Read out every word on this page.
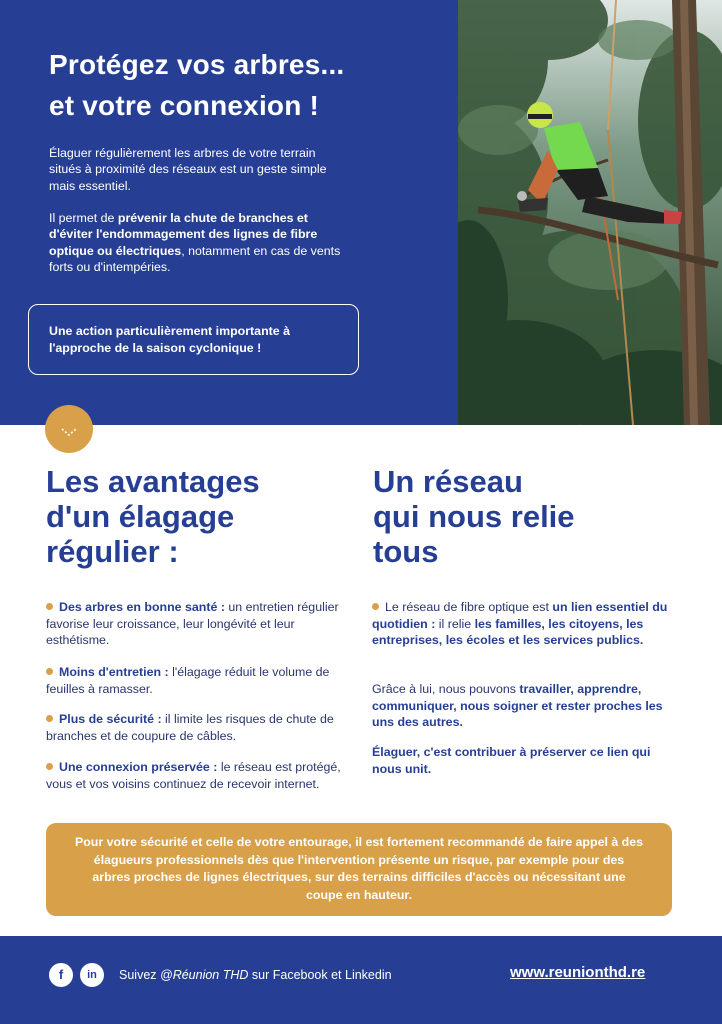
Protégez vos arbres...
et votre connexion !

Élaguer régulièrement les arbres de votre terrain situés à proximité des réseaux est un geste simple mais essentiel.

Il permet de prévenir la chute de branches et d'éviter l'endommagement des lignes de fibre optique ou électriques, notamment en cas de vents forts ou d'intempéries.

Une action particulièrement importante à l'approche de la saison cyclonique !

Les avantages
d'un élagage
régulier :

Des arbres en bonne santé : un entretien régulier favorise leur croissance, leur longévité et leur esthétisme.

Moins d'entretien : l'élagage réduit le volume de feuilles à ramasser.

Plus de sécurité : il limite les risques de chute de branches et de coupure de câbles.

Une connexion préservée : le réseau est protégé, vous et vos voisins continuez de recevoir internet.

Un réseau
qui nous relie
tous

Le réseau de fibre optique est un lien essentiel du quotidien : il relie les familles, les citoyens, les entreprises, les écoles et les services publics.

Grâce à lui, nous pouvons travailler, apprendre, communiquer, nous soigner et rester proches les uns des autres.

Élaguer, c'est contribuer à préserver ce lien qui nous unit.

Pour votre sécurité et celle de votre entourage, il est fortement recommandé de faire appel à des élagueurs professionnels dès que l'intervention présente un risque, par exemple pour des arbres proches de lignes électriques, sur des terrains difficiles d'accès ou nécessitant une coupe en hauteur.

f	in	Suivez @Réunion THD sur Facebook et Linkedin	www.reunionthd.re
